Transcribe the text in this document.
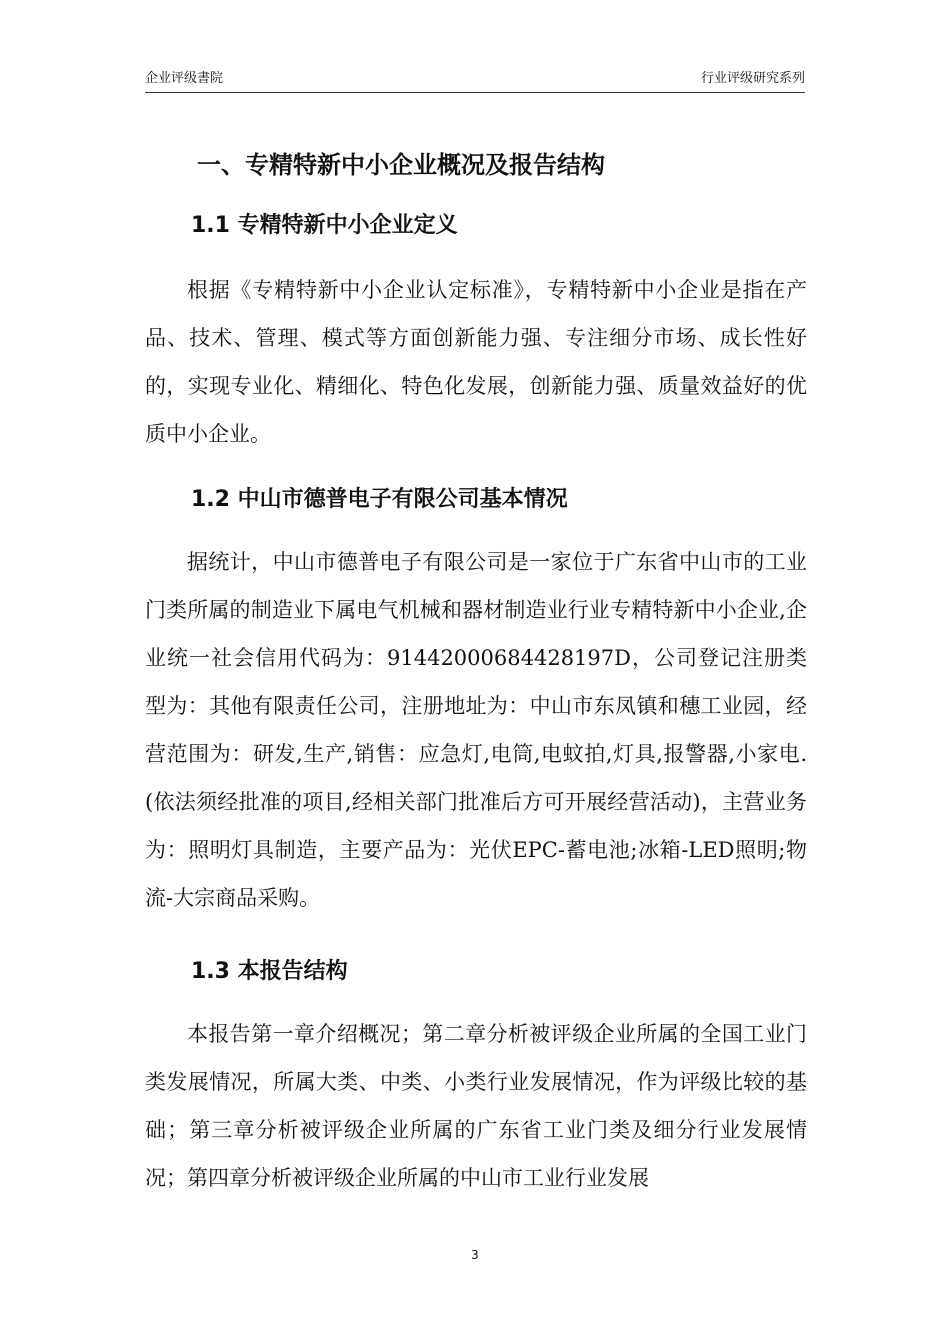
企业评级書院	行业评级研究系列
一、专精特新中小企业概况及报告结构
1.1 专精特新中小企业定义

根据《专精特新中小企业认定标准》，专精特新中小企业是指在产品、技术、管理、模式等方面创新能力强、专注细分市场、成长性好的，实现专业化、精细化、特色化发展，创新能力强、质量效益好的优质中小企业。

1.2 中山市德普电子有限公司基本情况

据统计，中山市德普电子有限公司是一家位于广东省中山市的工业门类所属的制造业下属电气机械和器材制造业行业专精特新中小企业,企业统一社会信用代码为：91442000684428197D，公司登记注册类型为：其他有限责任公司，注册地址为：中山市东凤镇和穗工业园，经营范围为：研发,生产,销售：应急灯,电筒,电蚊拍,灯具,报警器,小家电.(依法须经批准的项目,经相关部门批准后方可开展经营活动)，主营业务为：照明灯具制造，主要产品为：光伏EPC-蓄电池;冰箱-LED照明;物流-大宗商品采购。

1.3 本报告结构

本报告第一章介绍概况；第二章分析被评级企业所属的全国工业门类发展情况，所属大类、中类、小类行业发展情况，作为评级比较的基础；第三章分析被评级企业所属的广东省工业门类及细分行业发展情况；第四章分析被评级企业所属的中山市工业行业发展

3
